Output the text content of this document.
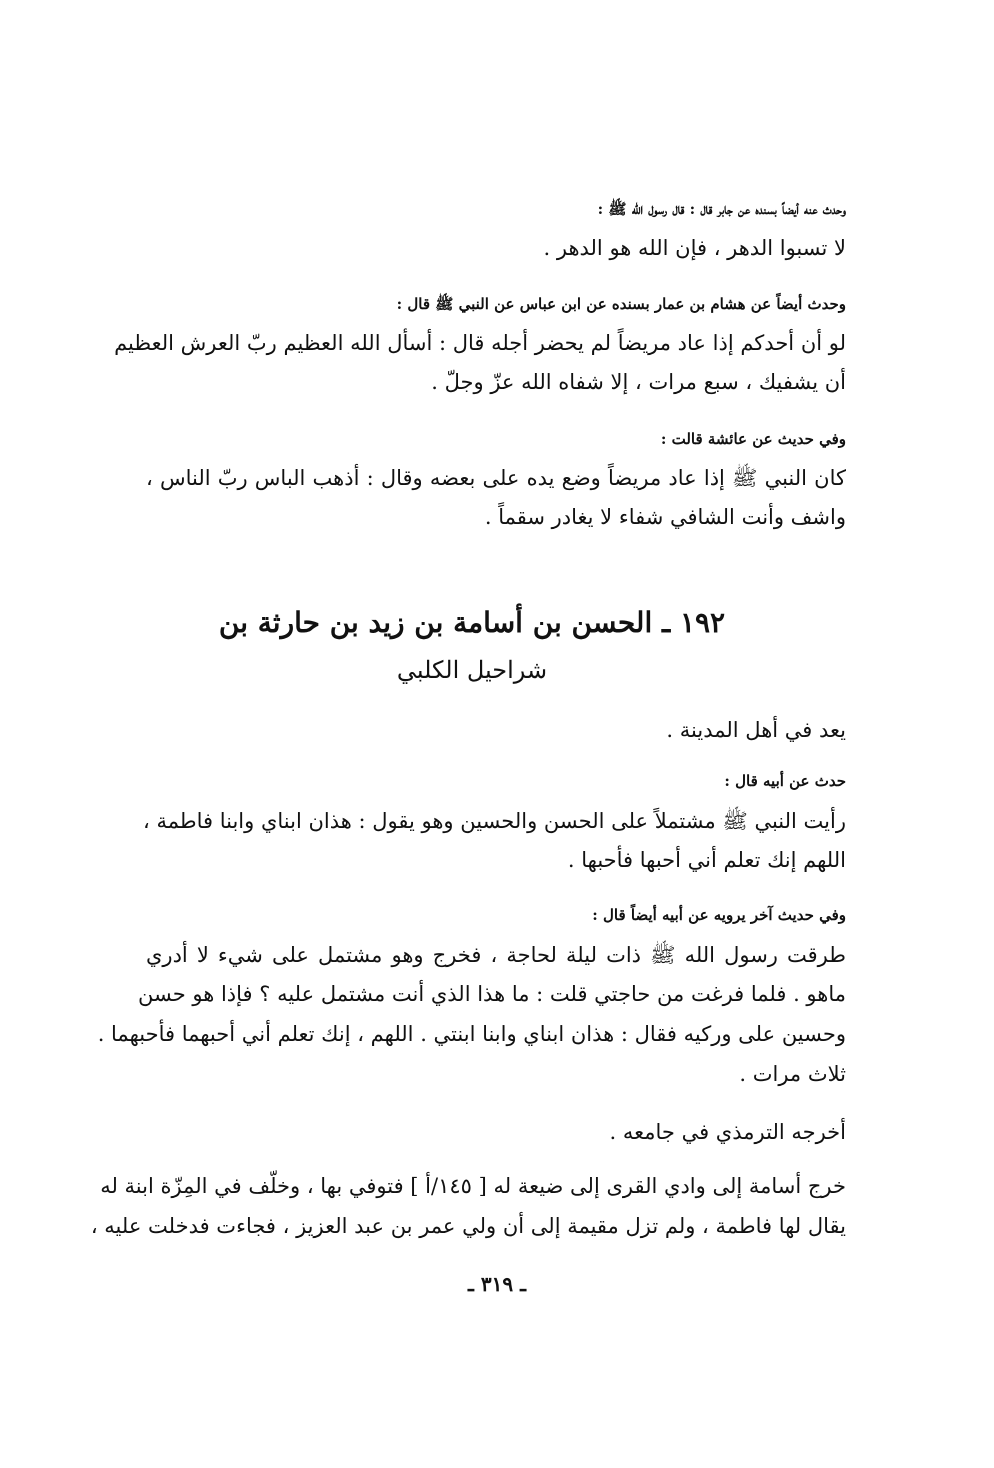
وحدث عنه أيضاً بسنده عن جابر قال : قال رسول الله ﷺ :
لا تسبوا الدهر ، فإن الله هو الدهر .
وحدث أيضاً عن هشام بن عمار بسنده عن ابن عباس عن النبي ﷺ قال :
لو أن أحدكم إذا عاد مريضاً لم يحضر أجله قال : أسأل الله العظيم ربّ العرش العظيم
أن يشفيك ، سبع مرات ، إلا شفاه الله عزّ وجلّ .
وفي حديث عن عائشة قالت :
كان النبي ﷺ إذا عاد مريضاً وضع يده على بعضه وقال : أذهب الباس ربّ الناس ،
واشف وأنت الشافي شفاء لا يغادر سقماً .
١٩٢ ـ الحسن بن أسامة بن زيد بن حارثة بن
شراحيل الكلبي
يعد في أهل المدينة .
حدث عن أبيه قال :
رأيت النبي ﷺ مشتملاً على الحسن والحسين وهو يقول : هذان ابناي وابنا فاطمة ،
اللهم إنك تعلم أني أحبها فأحبها .
وفي حديث آخر يرويه عن أبيه أيضاً قال :
طرقت رسول الله ﷺ ذات ليلة لحاجة ، فخرج وهو مشتمل على شيء لا أدري
ماهو . فلما فرغت من حاجتي قلت : ما هذا الذي أنت مشتمل عليه ؟ فإذا هو حسن
وحسين على وركيه فقال : هذان ابناي وابنا ابنتي . اللهم ، إنك تعلم أني أحبهما فأحبهما .
ثلاث مرات .
أخرجه الترمذي في جامعه .
خرج أسامة إلى وادي القرى إلى ضيعة له [ ١٤٥/أ ] فتوفي بها ، وخلّف في المِزّة ابنة له
يقال لها فاطمة ، ولم تزل مقيمة إلى أن ولي عمر بن عبد العزيز ، فجاءت فدخلت عليه ،
ـ ٣١٩ ـ
